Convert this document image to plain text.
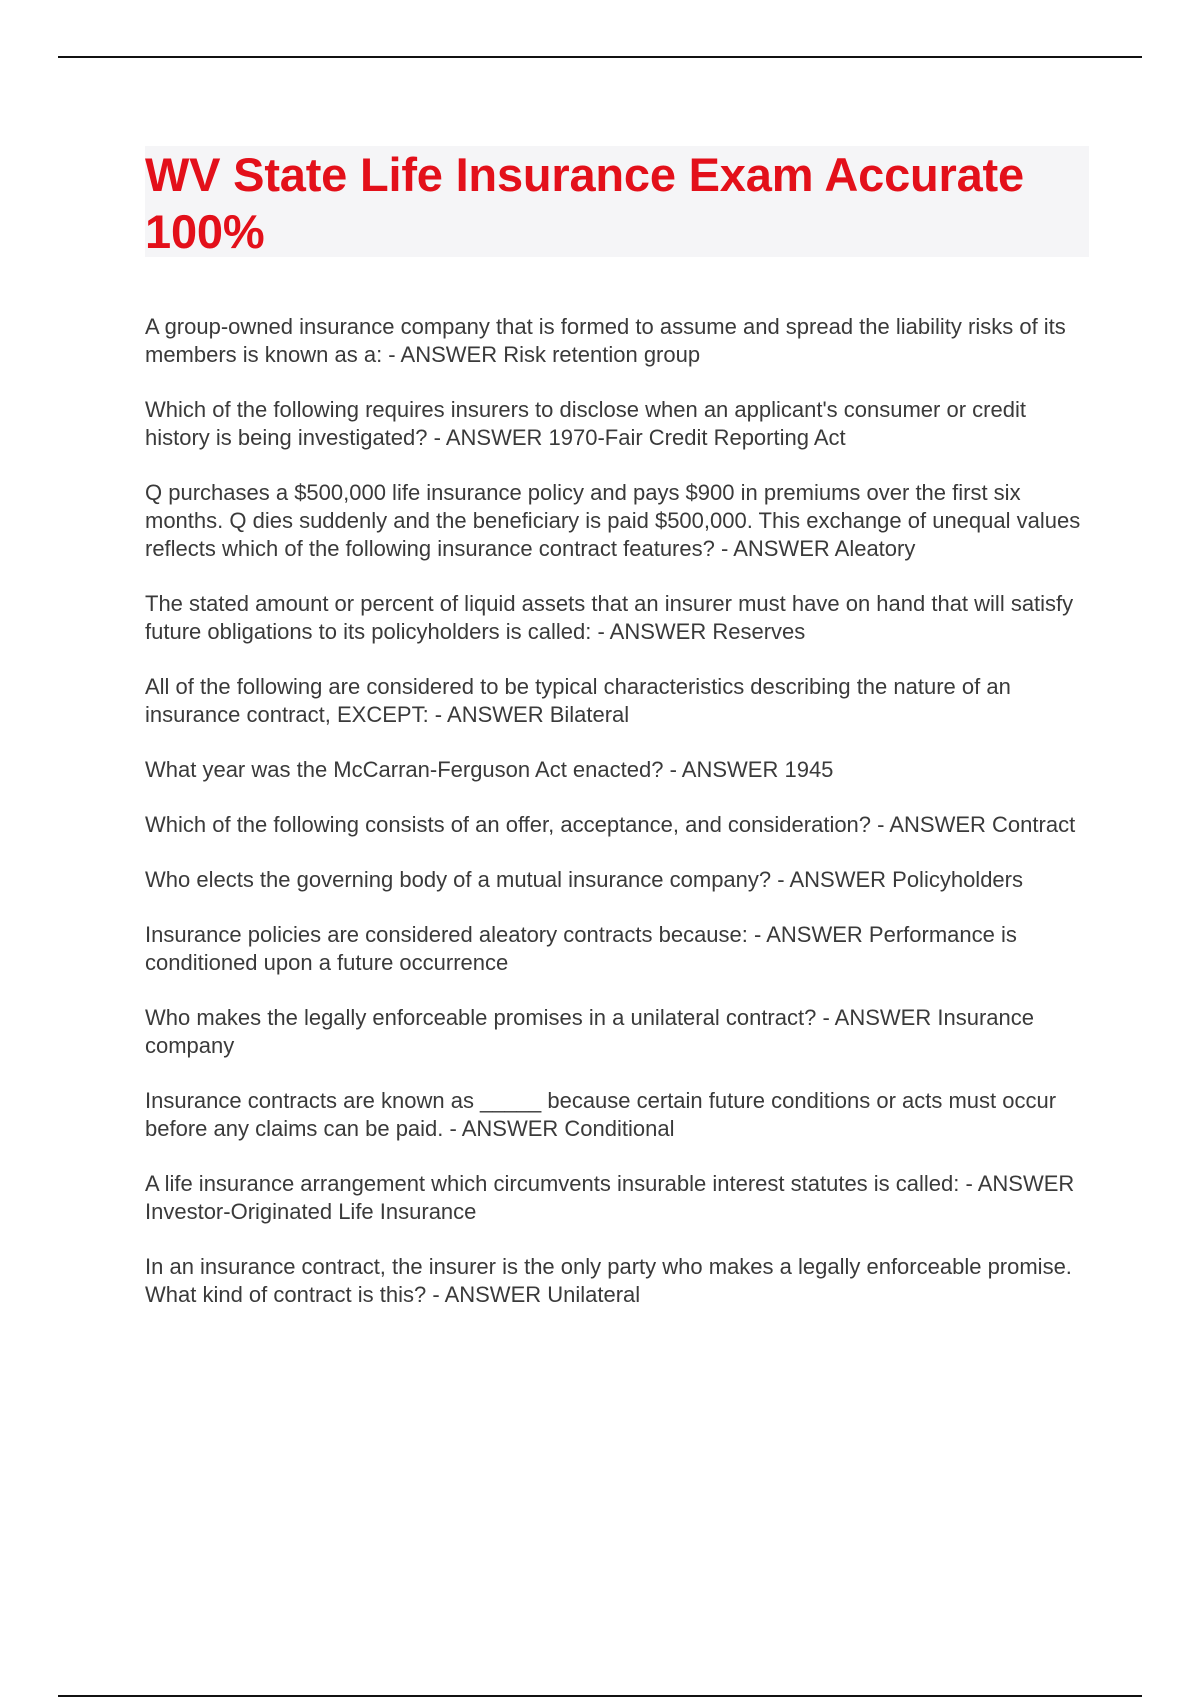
WV State Life Insurance Exam Accurate 100%

A group-owned insurance company that is formed to assume and spread the liability risks of its members is known as a: - ANSWER Risk retention group

Which of the following requires insurers to disclose when an applicant's consumer or credit history is being investigated? - ANSWER 1970-Fair Credit Reporting Act

Q purchases a $500,000 life insurance policy and pays $900 in premiums over the first six months. Q dies suddenly and the beneficiary is paid $500,000. This exchange of unequal values reflects which of the following insurance contract features? - ANSWER Aleatory

The stated amount or percent of liquid assets that an insurer must have on hand that will satisfy future obligations to its policyholders is called: - ANSWER Reserves

All of the following are considered to be typical characteristics describing the nature of an insurance contract, EXCEPT: - ANSWER Bilateral

What year was the McCarran-Ferguson Act enacted? - ANSWER 1945

Which of the following consists of an offer, acceptance, and consideration? - ANSWER Contract

Who elects the governing body of a mutual insurance company? - ANSWER Policyholders

Insurance policies are considered aleatory contracts because: - ANSWER Performance is conditioned upon a future occurrence

Who makes the legally enforceable promises in a unilateral contract? - ANSWER Insurance company

Insurance contracts are known as _____ because certain future conditions or acts must occur before any claims can be paid. - ANSWER Conditional

A life insurance arrangement which circumvents insurable interest statutes is called: - ANSWER Investor-Originated Life Insurance

In an insurance contract, the insurer is the only party who makes a legally enforceable promise. What kind of contract is this? - ANSWER Unilateral
